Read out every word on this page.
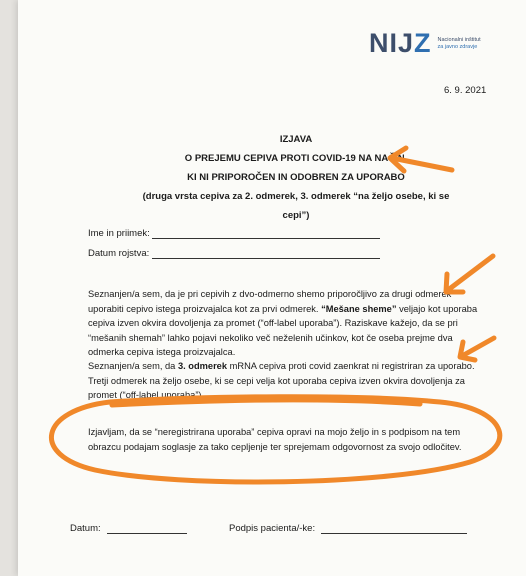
NIJZ Nacionalni inštitut
za javno zdravje
6. 9. 2021
IZJAVA
O PREJEMU CEPIVA PROTI COVID-19 NA NAČIN,
KI NI PRIPOROČEN IN ODOBREN ZA UPORABO
(druga vrsta cepiva za 2. odmerek, 3. odmerek “na željo osebe, ki se cepi”)
Ime in priimek:
Datum rojstva:
Seznanjen/a sem, da je pri cepivih z dvo-odmerno shemo priporočljivo za drugi odmerek uporabiti cepivo istega proizvajalca kot za prvi odmerek. “Mešane sheme” veljajo kot uporaba cepiva izven okvira dovoljenja za promet (“off-label uporaba”). Raziskave kažejo, da se pri “mešanih shemah” lahko pojavi nekoliko več neželenih učinkov, kot če oseba prejme dva odmerka cepiva istega proizvajalca.
Seznanjen/a sem, da 3. odmerek mRNA cepiva proti covid zaenkrat ni registriran za uporabo. Tretji odmerek na željo osebe, ki se cepi velja kot uporaba cepiva izven okvira dovoljenja za promet (“off-label uporaba”).
Izjavljam, da se “neregistrirana uporaba” cepiva opravi na mojo željo in s podpisom na tem obrazcu podajam soglasje za tako cepljenje ter sprejemam odgovornost za svojo odločitev.
Datum:	Podpis pacienta/-ke:
